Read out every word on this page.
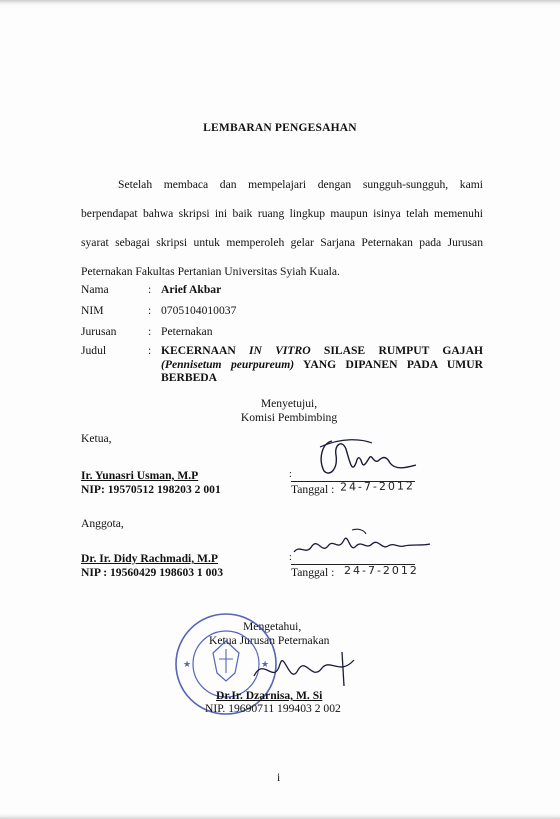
LEMBARAN PENGESAHAN

Setelah membaca dan mempelajari dengan sungguh-sungguh, kami berpendapat bahwa skripsi ini baik ruang lingkup maupun isinya telah memenuhi syarat sebagai skripsi untuk memperoleh gelar Sarjana Peternakan pada Jurusan Peternakan Fakultas Pertanian Universitas Syiah Kuala.

Nama	: Arief Akbar
NIM	: 0705104010037
Jurusan	: Peternakan
Judul	: KECERNAAN IN VITRO SILASE RUMPUT GAJAH (Pennisetum peurpureum) YANG DIPANEN PADA UMUR BERBEDA
Menyetujui,
Komisi Pembimbing
Ketua,
Ir. Yunasri Usman, M.P
NIP: 19570512 198203 2 001
:
Tanggal : 24-7-2012
Anggota,
Dr. Ir. Didy Rachmadi, M.P
NIP : 19560429 198603 1 003
:
Tanggal : 24-7-2012
Mengetahui,
Ketua Jurusan Peternakan
★	★
Dr.Ir. Dzarnisa, M. Si
NIP. 19690711 199403 2 002
i
